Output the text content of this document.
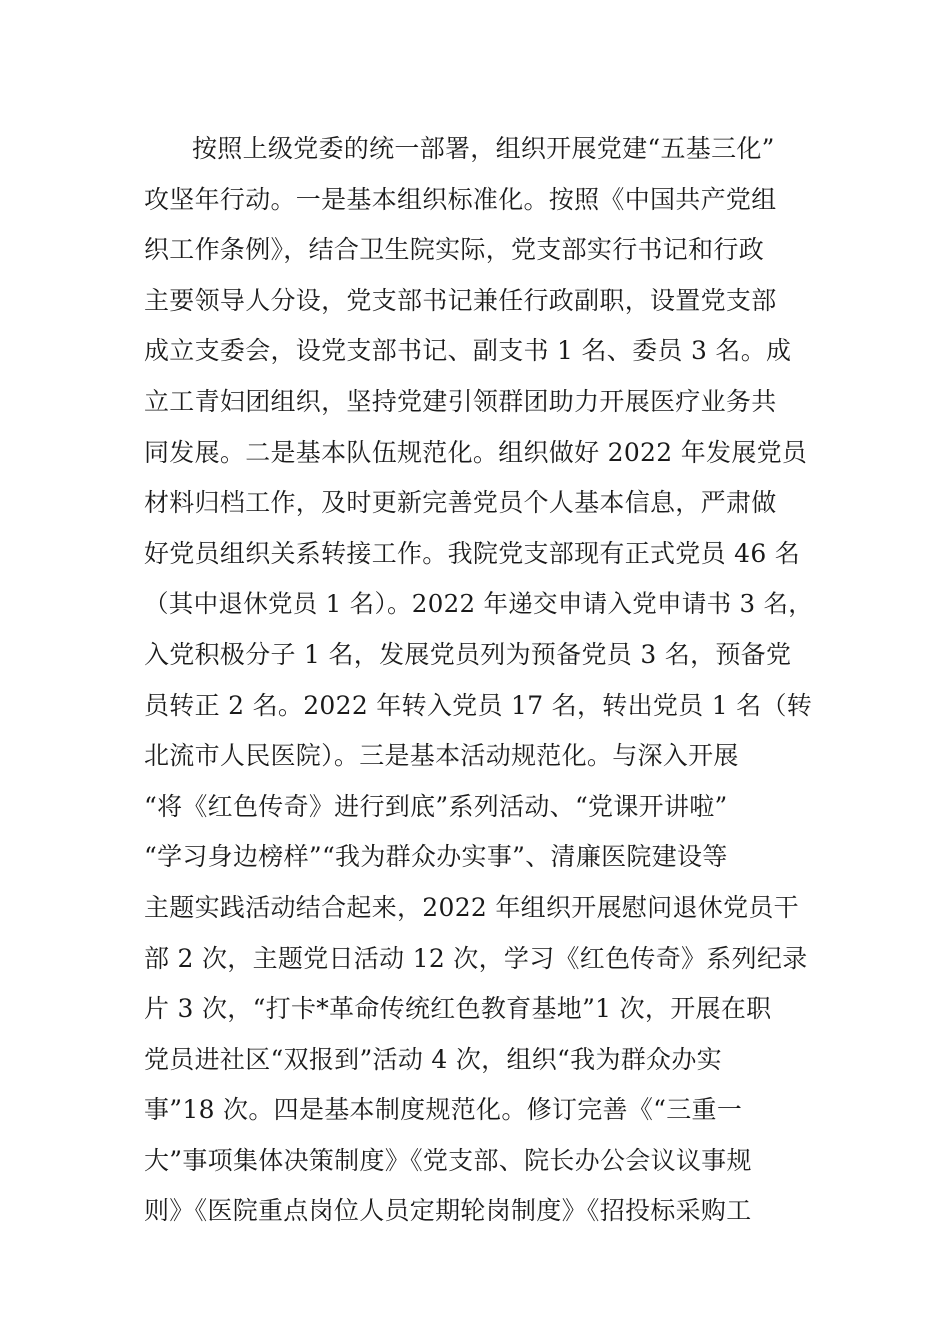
按照上级党委的统一部署，组织开展党建“五基三化”
攻坚年行动。一是基本组织标准化。按照《中国共产党组
织工作条例》，结合卫生院实际，党支部实行书记和行政
主要领导人分设，党支部书记兼任行政副职，设置党支部
成立支委会，设党支部书记、副支书 1 名、委员 3 名。成
立工青妇团组织，坚持党建引领群团助力开展医疗业务共
同发展。二是基本队伍规范化。组织做好 2022 年发展党员
材料归档工作，及时更新完善党员个人基本信息，严肃做
好党员组织关系转接工作。我院党支部现有正式党员 46 名
（其中退休党员 1 名）。2022 年递交申请入党申请书 3 名，
入党积极分子 1 名，发展党员列为预备党员 3 名，预备党
员转正 2 名。2022 年转入党员 17 名，转出党员 1 名（转
北流市人民医院）。三是基本活动规范化。与深入开展
“将《红色传奇》进行到底”系列活动、“党课开讲啦”
“学习身边榜样”“我为群众办实事”、清廉医院建设等
主题实践活动结合起来，2022 年组织开展慰问退休党员干
部 2 次，主题党日活动 12 次，学习《红色传奇》系列纪录
片 3 次，“打卡*革命传统红色教育基地”1 次，开展在职
党员进社区“双报到”活动 4 次，组织“我为群众办实
事”18 次。四是基本制度规范化。修订完善《“三重一
大”事项集体决策制度》《党支部、院长办公会议议事规
则》《医院重点岗位人员定期轮岗制度》《招投标采购工
